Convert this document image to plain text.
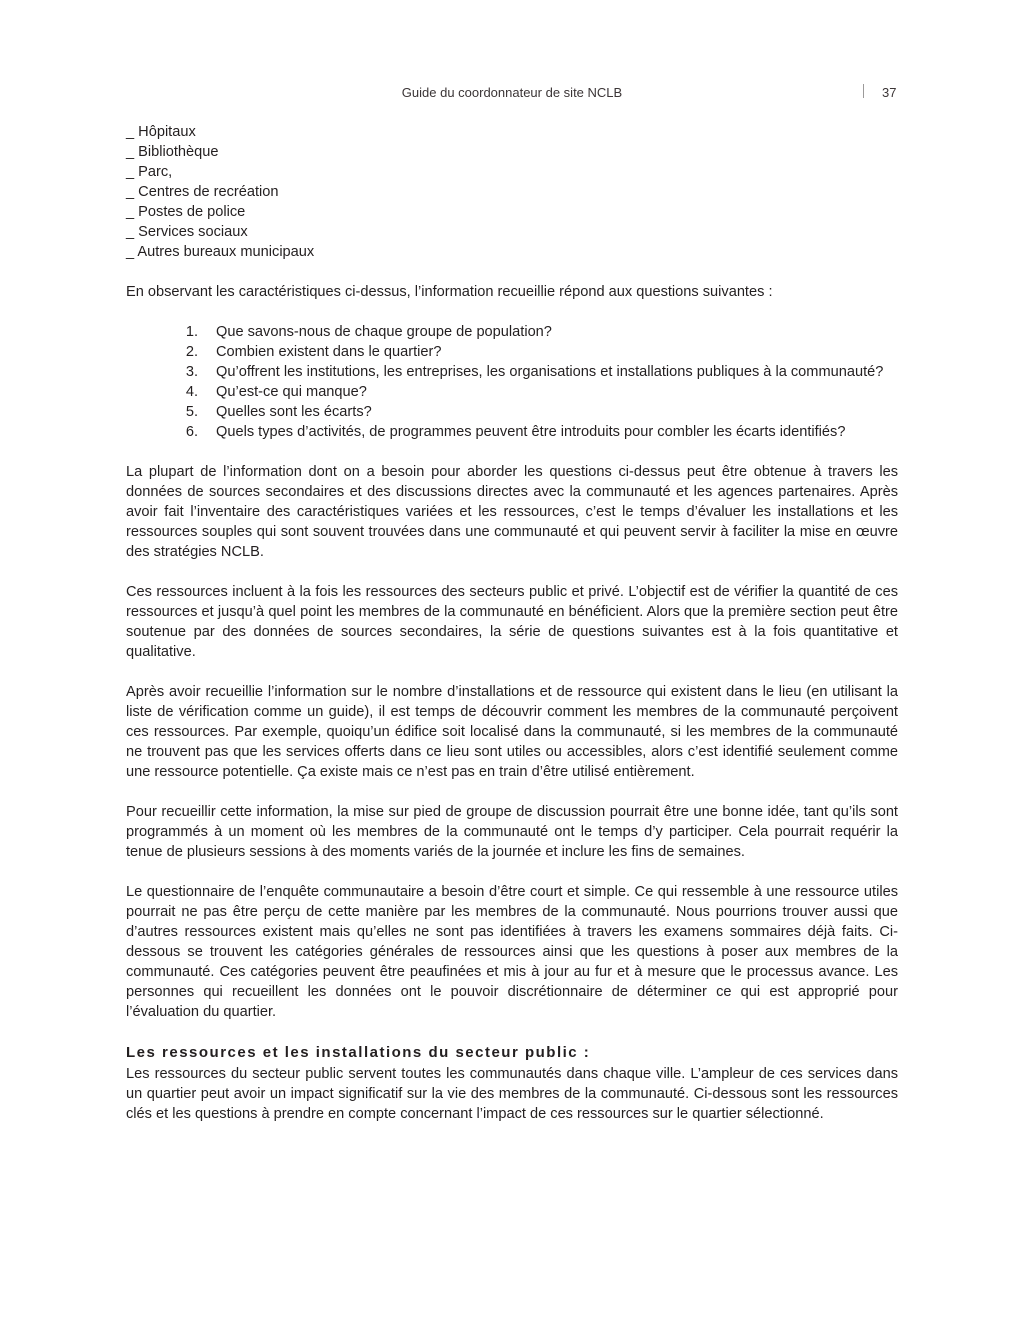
Guide du coordonnateur de site NCLB	37
_ Hôpitaux
_ Bibliothèque
_ Parc,
_ Centres de recréation
_ Postes de police
_ Services sociaux
_ Autres bureaux municipaux

En observant les caractéristiques ci-dessus, l’information recueillie répond aux questions suivantes :

1. Que savons-nous de chaque groupe de population?
2. Combien existent dans le quartier?
3. Qu’offrent les institutions, les entreprises, les organisations et installations publiques à la communauté?
4. Qu’est-ce qui manque?
5. Quelles sont les écarts?
6. Quels types d’activités, de programmes peuvent être introduits pour combler les écarts identifiés?

La plupart de l’information dont on a besoin pour aborder les questions ci-dessus peut être obtenue à travers les données de sources secondaires et des discussions directes avec la communauté et les agences partenaires. Après avoir fait l’inventaire des caractéristiques variées et les ressources, c’est le temps d’évaluer les installations et les ressources souples qui sont souvent trouvées dans une communauté et qui peuvent servir à faciliter la mise en œuvre des stratégies NCLB.

Ces ressources incluent à la fois les ressources des secteurs public et privé. L’objectif est de vérifier la quantité de ces ressources et jusqu’à quel point les membres de la communauté en bénéficient. Alors que la première section peut être soutenue par des données de sources secondaires, la série de questions suivantes est à la fois quantitative et qualitative.

Après avoir recueillie l’information sur le nombre d’installations et de ressource qui existent dans le lieu (en utilisant la liste de vérification comme un guide), il est temps de découvrir comment les membres de la communauté perçoivent ces ressources. Par exemple, quoiqu’un édifice soit localisé dans la communauté, si les membres de la communauté ne trouvent pas que les services offerts dans ce lieu sont utiles ou accessibles, alors c’est identifié seulement comme une ressource potentielle. Ça existe mais ce n’est pas en train d’être utilisé entièrement.

Pour recueillir cette information, la mise sur pied de groupe de discussion pourrait être une bonne idée, tant qu’ils sont programmés à un moment où les membres de la communauté ont le temps d’y participer. Cela pourrait requérir la tenue de plusieurs sessions à des moments variés de la journée et inclure les fins de semaines.

Le questionnaire de l’enquête communautaire a besoin d’être court et simple. Ce qui ressemble à une ressource utiles pourrait ne pas être perçu de cette manière par les membres de la communauté. Nous pourrions trouver aussi que d’autres ressources existent mais qu’elles ne sont pas identifiées à travers les examens sommaires déjà faits. Ci-dessous se trouvent les catégories générales de ressources ainsi que les questions à poser aux membres de la communauté. Ces catégories peuvent être peaufinées et mis à jour au fur et à mesure que le processus avance. Les personnes qui recueillent les données ont le pouvoir discrétionnaire de déterminer ce qui est approprié pour l’évaluation du quartier.

Les ressources et les installations du secteur public :

Les ressources du secteur public servent toutes les communautés dans chaque ville. L’ampleur de ces services dans un quartier peut avoir un impact significatif sur la vie des membres de la communauté. Ci-dessous sont les ressources clés et les questions à prendre en compte concernant l’impact de ces ressources sur le quartier sélectionné.
